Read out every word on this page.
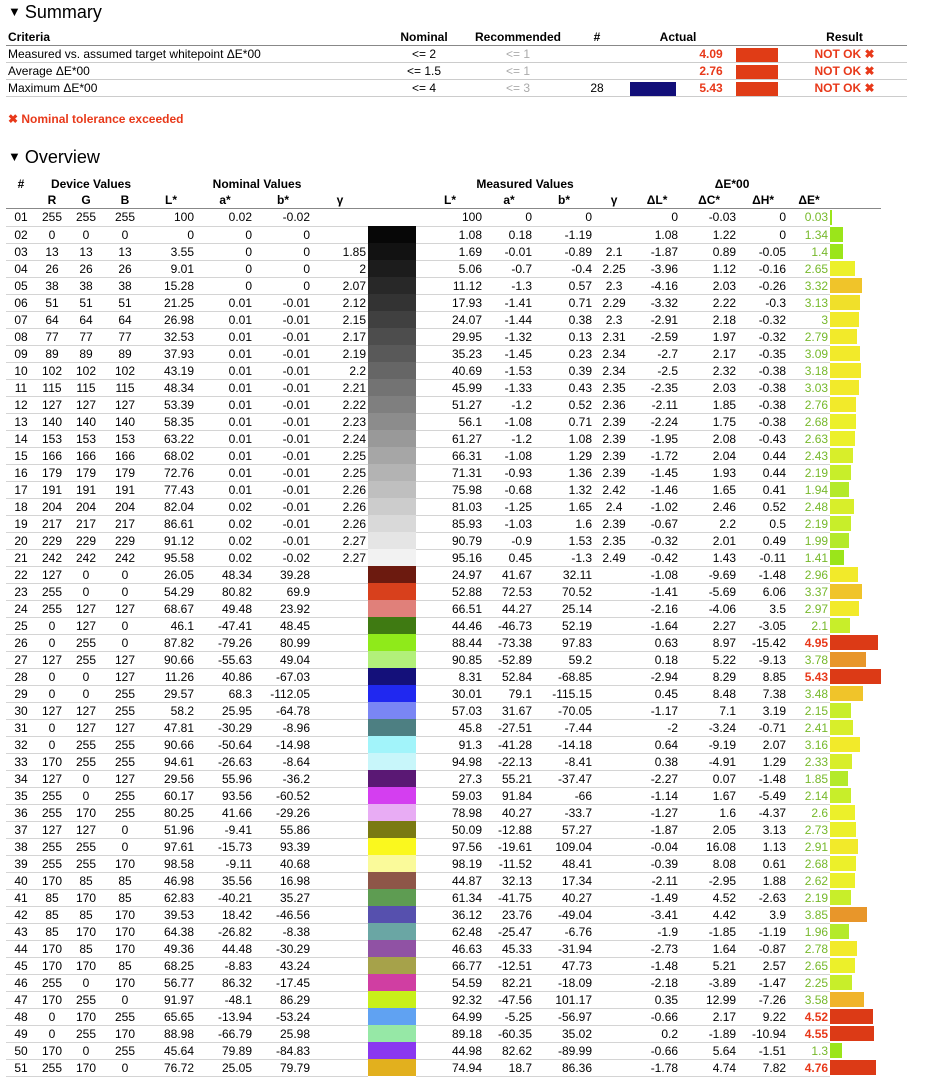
▼ Summary
Criteria	Nominal	Recommended	#	Actual			Result
Measured vs. assumed target whitepoint ΔE*00	<= 2	<= 1			4.09		NOT OK ✖
Average ΔE*00	<= 1.5	<= 1			2.76		NOT OK ✖
Maximum ΔE*00	<= 4	<= 3	28		5.43		NOT OK ✖
✖ Nominal tolerance exceeded
▼ Overview
#	Device Values			Nominal Values					Measured Values				ΔE*00				
	R	G	B	L*	a*	b*	γ		L*	a*	b*	γ	ΔL*	ΔC*	ΔH*	ΔE*	
01	255	255	255	100	0.02	-0.02			100	0	0		0	-0.03	0	0.03	

02	0	0	0	0	0	0			1.08	0.18	-1.19		1.08	1.22	0	1.34	

03	13	13	13	3.55	0	0	1.85		1.69	-0.01	-0.89	2.1	-1.87	0.89	-0.05	1.4	

04	26	26	26	9.01	0	0	2		5.06	-0.7	-0.4	2.25	-3.96	1.12	-0.16	2.65	

05	38	38	38	15.28	0	0	2.07		11.12	-1.3	0.57	2.3	-4.16	2.03	-0.26	3.32	

06	51	51	51	21.25	0.01	-0.01	2.12		17.93	-1.41	0.71	2.29	-3.32	2.22	-0.3	3.13	

07	64	64	64	26.98	0.01	-0.01	2.15		24.07	-1.44	0.38	2.3	-2.91	2.18	-0.32	3	

08	77	77	77	32.53	0.01	-0.01	2.17		29.95	-1.32	0.13	2.31	-2.59	1.97	-0.32	2.79	

09	89	89	89	37.93	0.01	-0.01	2.19		35.23	-1.45	0.23	2.34	-2.7	2.17	-0.35	3.09	

10	102	102	102	43.19	0.01	-0.01	2.2		40.69	-1.53	0.39	2.34	-2.5	2.32	-0.38	3.18	

11	115	115	115	48.34	0.01	-0.01	2.21		45.99	-1.33	0.43	2.35	-2.35	2.03	-0.38	3.03	

12	127	127	127	53.39	0.01	-0.01	2.22		51.27	-1.2	0.52	2.36	-2.11	1.85	-0.38	2.76	

13	140	140	140	58.35	0.01	-0.01	2.23		56.1	-1.08	0.71	2.39	-2.24	1.75	-0.38	2.68	

14	153	153	153	63.22	0.01	-0.01	2.24		61.27	-1.2	1.08	2.39	-1.95	2.08	-0.43	2.63	

15	166	166	166	68.02	0.01	-0.01	2.25		66.31	-1.08	1.29	2.39	-1.72	2.04	0.44	2.43	

16	179	179	179	72.76	0.01	-0.01	2.25		71.31	-0.93	1.36	2.39	-1.45	1.93	0.44	2.19	

17	191	191	191	77.43	0.01	-0.01	2.26		75.98	-0.68	1.32	2.42	-1.46	1.65	0.41	1.94	

18	204	204	204	82.04	0.02	-0.01	2.26		81.03	-1.25	1.65	2.4	-1.02	2.46	0.52	2.48	

19	217	217	217	86.61	0.02	-0.01	2.26		85.93	-1.03	1.6	2.39	-0.67	2.2	0.5	2.19	

20	229	229	229	91.12	0.02	-0.01	2.27		90.79	-0.9	1.53	2.35	-0.32	2.01	0.49	1.99	

21	242	242	242	95.58	0.02	-0.02	2.27		95.16	0.45	-1.3	2.49	-0.42	1.43	-0.11	1.41	

22	127	0	0	26.05	48.34	39.28			24.97	41.67	32.11		-1.08	-9.69	-1.48	2.96	

23	255	0	0	54.29	80.82	69.9			52.88	72.53	70.52		-1.41	-5.69	6.06	3.37	

24	255	127	127	68.67	49.48	23.92			66.51	44.27	25.14		-2.16	-4.06	3.5	2.97	

25	0	127	0	46.1	-47.41	48.45			44.46	-46.73	52.19		-1.64	2.27	-3.05	2.1	

26	0	255	0	87.82	-79.26	80.99			88.44	-73.38	97.83		0.63	8.97	-15.42	4.95	

27	127	255	127	90.66	-55.63	49.04			90.85	-52.89	59.2		0.18	5.22	-9.13	3.78	

28	0	0	127	11.26	40.86	-67.03			8.31	52.84	-68.85		-2.94	8.29	8.85	5.43	

29	0	0	255	29.57	68.3	-112.05			30.01	79.1	-115.15		0.45	8.48	7.38	3.48	

30	127	127	255	58.2	25.95	-64.78			57.03	31.67	-70.05		-1.17	7.1	3.19	2.15	

31	0	127	127	47.81	-30.29	-8.96			45.8	-27.51	-7.44		-2	-3.24	-0.71	2.41	

32	0	255	255	90.66	-50.64	-14.98			91.3	-41.28	-14.18		0.64	-9.19	2.07	3.16	

33	170	255	255	94.61	-26.63	-8.64			94.98	-22.13	-8.41		0.38	-4.91	1.29	2.33	

34	127	0	127	29.56	55.96	-36.2			27.3	55.21	-37.47		-2.27	0.07	-1.48	1.85	

35	255	0	255	60.17	93.56	-60.52			59.03	91.84	-66		-1.14	1.67	-5.49	2.14	

36	255	170	255	80.25	41.66	-29.26			78.98	40.27	-33.7		-1.27	1.6	-4.37	2.6	

37	127	127	0	51.96	-9.41	55.86			50.09	-12.88	57.27		-1.87	2.05	3.13	2.73	

38	255	255	0	97.61	-15.73	93.39			97.56	-19.61	109.04		-0.04	16.08	1.13	2.91	

39	255	255	170	98.58	-9.11	40.68			98.19	-11.52	48.41		-0.39	8.08	0.61	2.68	

40	170	85	85	46.98	35.56	16.98			44.87	32.13	17.34		-2.11	-2.95	1.88	2.62	

41	85	170	85	62.83	-40.21	35.27			61.34	-41.75	40.27		-1.49	4.52	-2.63	2.19	

42	85	85	170	39.53	18.42	-46.56			36.12	23.76	-49.04		-3.41	4.42	3.9	3.85	

43	85	170	170	64.38	-26.82	-8.38			62.48	-25.47	-6.76		-1.9	-1.85	-1.19	1.96	

44	170	85	170	49.36	44.48	-30.29			46.63	45.33	-31.94		-2.73	1.64	-0.87	2.78	

45	170	170	85	68.25	-8.83	43.24			66.77	-12.51	47.73		-1.48	5.21	2.57	2.65	

46	255	0	170	56.77	86.32	-17.45			54.59	82.21	-18.09		-2.18	-3.89	-1.47	2.25	

47	170	255	0	91.97	-48.1	86.29			92.32	-47.56	101.17		0.35	12.99	-7.26	3.58	

48	0	170	255	65.65	-13.94	-53.24			64.99	-5.25	-56.97		-0.66	2.17	9.22	4.52	

49	0	255	170	88.98	-66.79	25.98			89.18	-60.35	35.02		0.2	-1.89	-10.94	4.55	

50	170	0	255	45.64	79.89	-84.83			44.98	82.62	-89.99		-0.66	5.64	-1.51	1.3	

51	255	170	0	76.72	25.05	79.79			74.94	18.7	86.36		-1.78	4.74	7.82	4.76	
